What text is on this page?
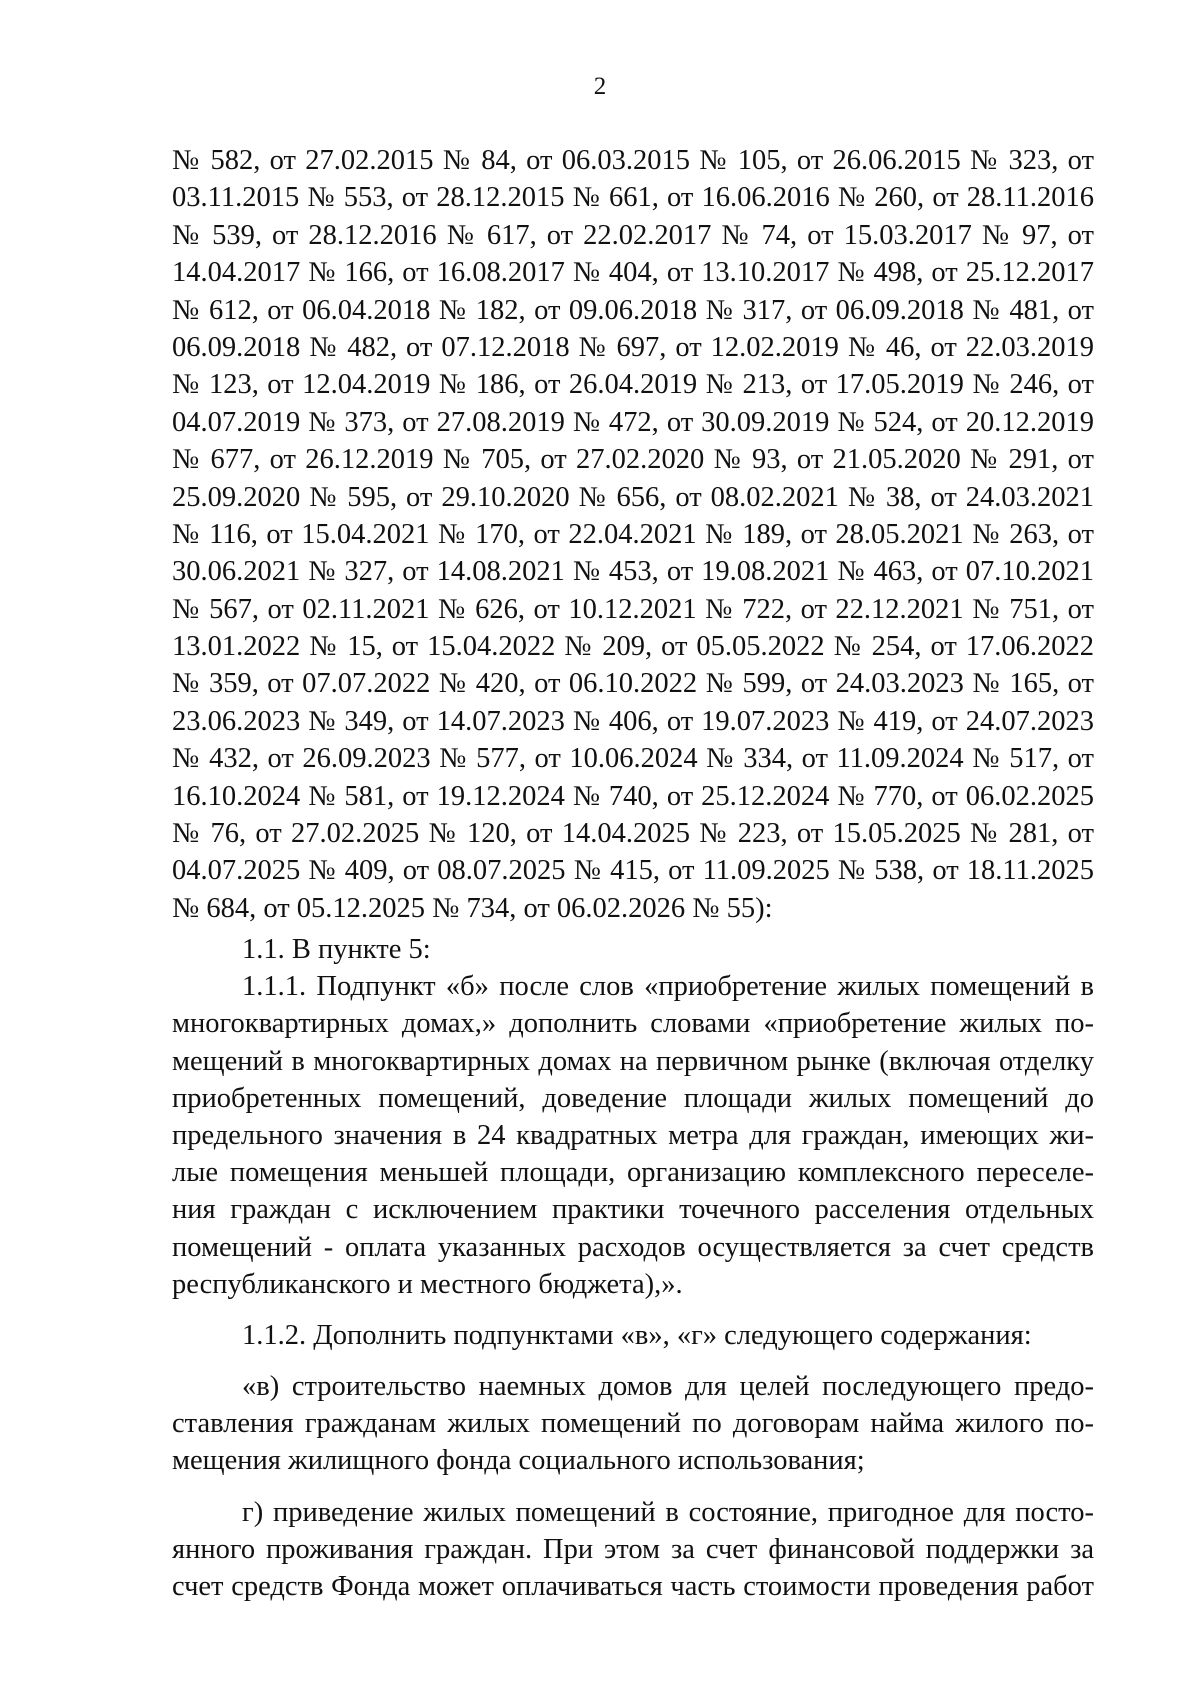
2
№ 582, от 27.02.2015 № 84, от 06.03.2015 № 105, от 26.06.2015 № 323, от
03.11.2015 № 553, от 28.12.2015 № 661, от 16.06.2016 № 260, от 28.11.2016
№ 539, от 28.12.2016 № 617, от 22.02.2017 № 74, от 15.03.2017 № 97, от
14.04.2017 № 166, от 16.08.2017 № 404, от 13.10.2017 № 498, от 25.12.2017
№ 612, от 06.04.2018 № 182, от 09.06.2018 № 317, от 06.09.2018 № 481, от
06.09.2018 № 482, от 07.12.2018 № 697, от 12.02.2019 № 46, от 22.03.2019
№ 123, от 12.04.2019 № 186, от 26.04.2019 № 213, от 17.05.2019 № 246, от
04.07.2019 № 373, от 27.08.2019 № 472, от 30.09.2019 № 524, от 20.12.2019
№ 677, от 26.12.2019 № 705, от 27.02.2020 № 93, от 21.05.2020 № 291, от
25.09.2020 № 595, от 29.10.2020 № 656, от 08.02.2021 № 38, от 24.03.2021
№ 116, от 15.04.2021 № 170, от 22.04.2021 № 189, от 28.05.2021 № 263, от
30.06.2021 № 327, от 14.08.2021 № 453, от 19.08.2021 № 463, от 07.10.2021
№ 567, от 02.11.2021 № 626, от 10.12.2021 № 722, от 22.12.2021 № 751, от
13.01.2022 № 15, от 15.04.2022 № 209, от 05.05.2022 № 254, от 17.06.2022
№ 359, от 07.07.2022 № 420, от 06.10.2022 № 599, от 24.03.2023 № 165, от
23.06.2023 № 349, от 14.07.2023 № 406, от 19.07.2023 № 419, от 24.07.2023
№ 432, от 26.09.2023 № 577, от 10.06.2024 № 334, от 11.09.2024 № 517, от
16.10.2024 № 581, от 19.12.2024 № 740, от 25.12.2024 № 770, от 06.02.2025
№ 76, от 27.02.2025 № 120, от 14.04.2025 № 223, от 15.05.2025 № 281, от
04.07.2025 № 409, от 08.07.2025 № 415, от 11.09.2025 № 538, от 18.11.2025
№ 684, от 05.12.2025 № 734, от 06.02.2026 № 55):
1.1. В пункте 5:
1.1.1. Подпункт «б» после слов «приобретение жилых помещений в
многоквартирных домах,» дополнить словами «приобретение жилых по-
мещений в многоквартирных домах на первичном рынке (включая отделку
приобретенных помещений, доведение площади жилых помещений до
предельного значения в 24 квадратных метра для граждан, имеющих жи-
лые помещения меньшей площади, организацию комплексного переселе-
ния граждан с исключением практики точечного расселения отдельных
помещений - оплата указанных расходов осуществляется за счет средств
республиканского и местного бюджета),».
1.1.2. Дополнить подпунктами «в», «г» следующего содержания:
«в) строительство наемных домов для целей последующего предо-
ставления гражданам жилых помещений по договорам найма жилого по-
мещения жилищного фонда социального использования;
г) приведение жилых помещений в состояние, пригодное для посто-
янного проживания граждан. При этом за счет финансовой поддержки за
счет средств Фонда может оплачиваться часть стоимости проведения работ
